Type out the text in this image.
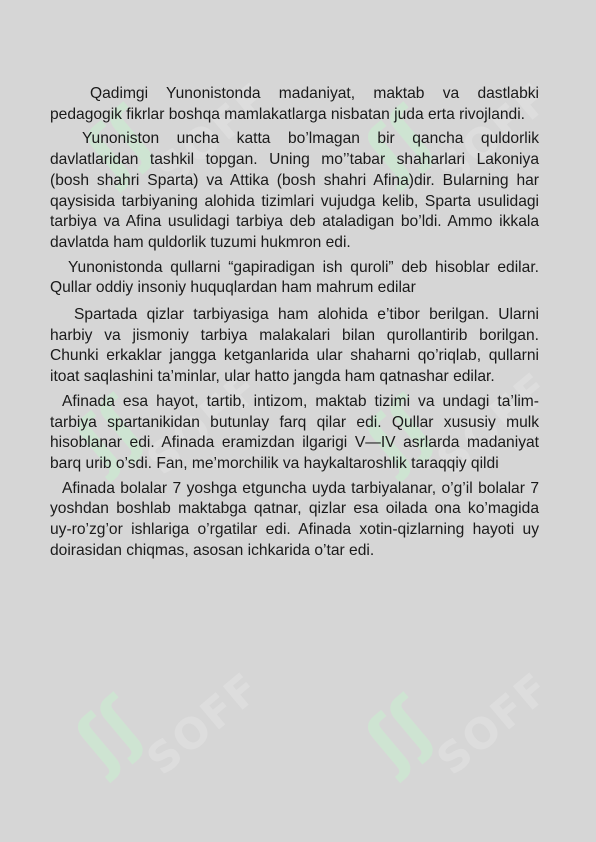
ʃʃ
SOFF ʃʃ
SOFF
ʃʃ
SOFF ʃʃ
SOFF
ʃʃ
SOFF ʃʃ
SOFF

Qadimgi Yunonistonda madaniyat, maktab va dastlabki pedagogik fikrlar boshqa mamlakatlarga nisbatan juda erta rivojlandi.

Yunoniston uncha katta bo’lmagan bir qancha quldorlik davlatlaridan tashkil topgan. Uning mo’’tabar shaharlari Lakoniya (bosh shahri Sparta) va Attika (bosh shahri Afina)dir. Bularning har qaysisida tarbiyaning alohida tizimlari vujudga kelib, Sparta usulidagi tarbiya va Afina usulidagi tarbiya deb ataladigan bo’ldi. Ammo ikkala davlatda ham quldorlik tuzumi hukmron edi.

Yunonistonda qullarni “gapiradigan ish quroli” deb hisoblar edilar. Qullar oddiy insoniy huquqlardan ham mahrum edilar

Spartada qizlar tarbiyasiga ham alohida e’tibor berilgan. Ularni harbiy va jismoniy tarbiya malakalari bilan qurollantirib borilgan. Chunki erkaklar jangga ketganlarida ular shaharni qo’riqlab, qullarni itoat saqlashini ta’minlar, ular hatto jangda ham qatnashar edilar.

Afinada esa hayot, tartib, intizom, maktab tizimi va undagi ta’lim-tarbiya spartanikidan butunlay farq qilar edi. Qullar xususiy mulk hisoblanar edi. Afinada eramizdan ilgarigi V—IV asrlarda madaniyat barq urib o’sdi. Fan, me’morchilik va haykaltaroshlik taraqqiy qildi

Afinada bolalar 7 yoshga etguncha uyda tarbiyalanar, o’g’il bolalar 7 yoshdan boshlab maktabga qatnar, qizlar esa oilada ona ko’magida uy-ro’zg’or ishlariga o’rgatilar edi. Afinada xotin-qizlarning hayoti uy doirasidan chiqmas, asosan ichkarida o’tar edi.
